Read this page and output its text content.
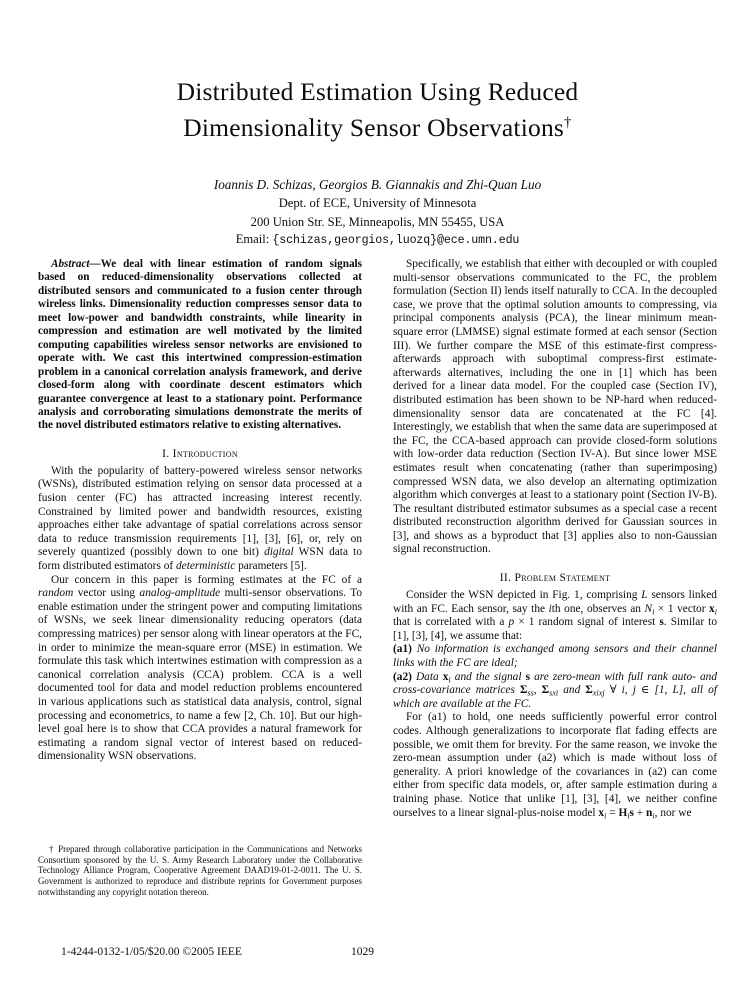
Distributed Estimation Using Reduced
Dimensionality Sensor Observations†
Ioannis D. Schizas, Georgios B. Giannakis and Zhi-Quan Luo
Dept. of ECE, University of Minnesota
200 Union Str. SE, Minneapolis, MN 55455, USA
Email: {schizas,georgios,luozq}@ece.umn.edu

Abstract—We deal with linear estimation of random signals based on reduced-dimensionality observations collected at distributed sensors and communicated to a fusion center through wireless links. Dimensionality reduction compresses sensor data to meet low-power and bandwidth constraints, while linearity in compression and estimation are well motivated by the limited computing capabilities wireless sensor networks are envisioned to operate with. We cast this intertwined compression-estimation problem in a canonical correlation analysis framework, and derive closed-form along with coordinate descent estimators which guarantee convergence at least to a stationary point. Performance analysis and corroborating simulations demonstrate the merits of the novel distributed estimators relative to existing alternatives.

I. Introduction

With the popularity of battery-powered wireless sensor networks (WSNs), distributed estimation relying on sensor data processed at a fusion center (FC) has attracted increasing interest recently. Constrained by limited power and bandwidth resources, existing approaches either take advantage of spatial correlations across sensor data to reduce transmission requirements [1], [3], [6], or, rely on severely quantized (possibly down to one bit) digital WSN data to form distributed estimators of deterministic parameters [5].

Our concern in this paper is forming estimates at the FC of a random vector using analog-amplitude multi-sensor observations. To enable estimation under the stringent power and computing limitations of WSNs, we seek linear dimensionality reducing operators (data compressing matrices) per sensor along with linear operators at the FC, in order to minimize the mean-square error (MSE) in estimation. We formulate this task which intertwines estimation with compression as a canonical correlation analysis (CCA) problem. CCA is a well documented tool for data and model reduction problems encountered in various applications such as statistical data analysis, control, signal processing and econometrics, to name a few [2, Ch. 10]. But our high-level goal here is to show that CCA provides a natural framework for estimating a random signal vector of interest based on reduced-dimensionality WSN observations.

† Prepared through collaborative participation in the Communications and Networks Consortium sponsored by the U. S. Army Research Laboratory under the Collaborative Technology Alliance Program, Cooperative Agreement DAAD19-01-2-0011. The U. S. Government is authorized to reproduce and distribute reprints for Government purposes notwithstanding any copyright notation thereon.

Specifically, we establish that either with decoupled or with coupled multi-sensor observations communicated to the FC, the problem formulation (Section II) lends itself naturally to CCA. In the decoupled case, we prove that the optimal solution amounts to compressing, via principal components analysis (PCA), the linear minimum mean-square error (LMMSE) signal estimate formed at each sensor (Section III). We further compare the MSE of this estimate-first compress-afterwards approach with suboptimal compress-first estimate-afterwards alternatives, including the one in [1] which has been derived for a linear data model. For the coupled case (Section IV), distributed estimation has been shown to be NP-hard when reduced-dimensionality sensor data are concatenated at the FC [4]. Interestingly, we establish that when the same data are superimposed at the FC, the CCA-based approach can provide closed-form solutions with low-order data reduction (Section IV-A). But since lower MSE estimates result when concatenating (rather than superimposing) compressed WSN data, we also develop an alternating optimization algorithm which converges at least to a stationary point (Section IV-B). The resultant distributed estimator subsumes as a special case a recent distributed reconstruction algorithm derived for Gaussian sources in [3], and shows as a byproduct that [3] applies also to non-Gaussian signal reconstruction.

II. Problem Statement

Consider the WSN depicted in Fig. 1, comprising L sensors linked with an FC. Each sensor, say the ith one, observes an $N_i \times 1$ vector $x_i$ that is correlated with a p × 1 random signal of interest s. Similar to [1], [3], [4], we assume that:

(a1) No information is exchanged among sensors and their channel links with the FC are ideal;

(a2) Data $x_i$ and the signal s are zero-mean with full rank auto- and cross-covariance matrices $\Sigma_{ss}$, $\Sigma_{sxi}$ and $\Sigma_{xixj}$ ∀ i, j ∈ [1, L], all of which are available at the FC.

For (a1) to hold, one needs sufficiently powerful error control codes. Although generalizations to incorporate flat fading effects are possible, we omit them for brevity. For the same reason, we invoke the zero-mean assumption under (a2) which is made without loss of generality. A priori knowledge of the covariances in (a2) can come either from specific data models, or, after sample estimation during a training phase. Notice that unlike [1], [3], [4], we neither confine ourselves to a linear signal-plus-noise model $x_i = H_is + n_i$, nor we

1-4244-0132-1/05/$20.00 ©2005 IEEE	1029
